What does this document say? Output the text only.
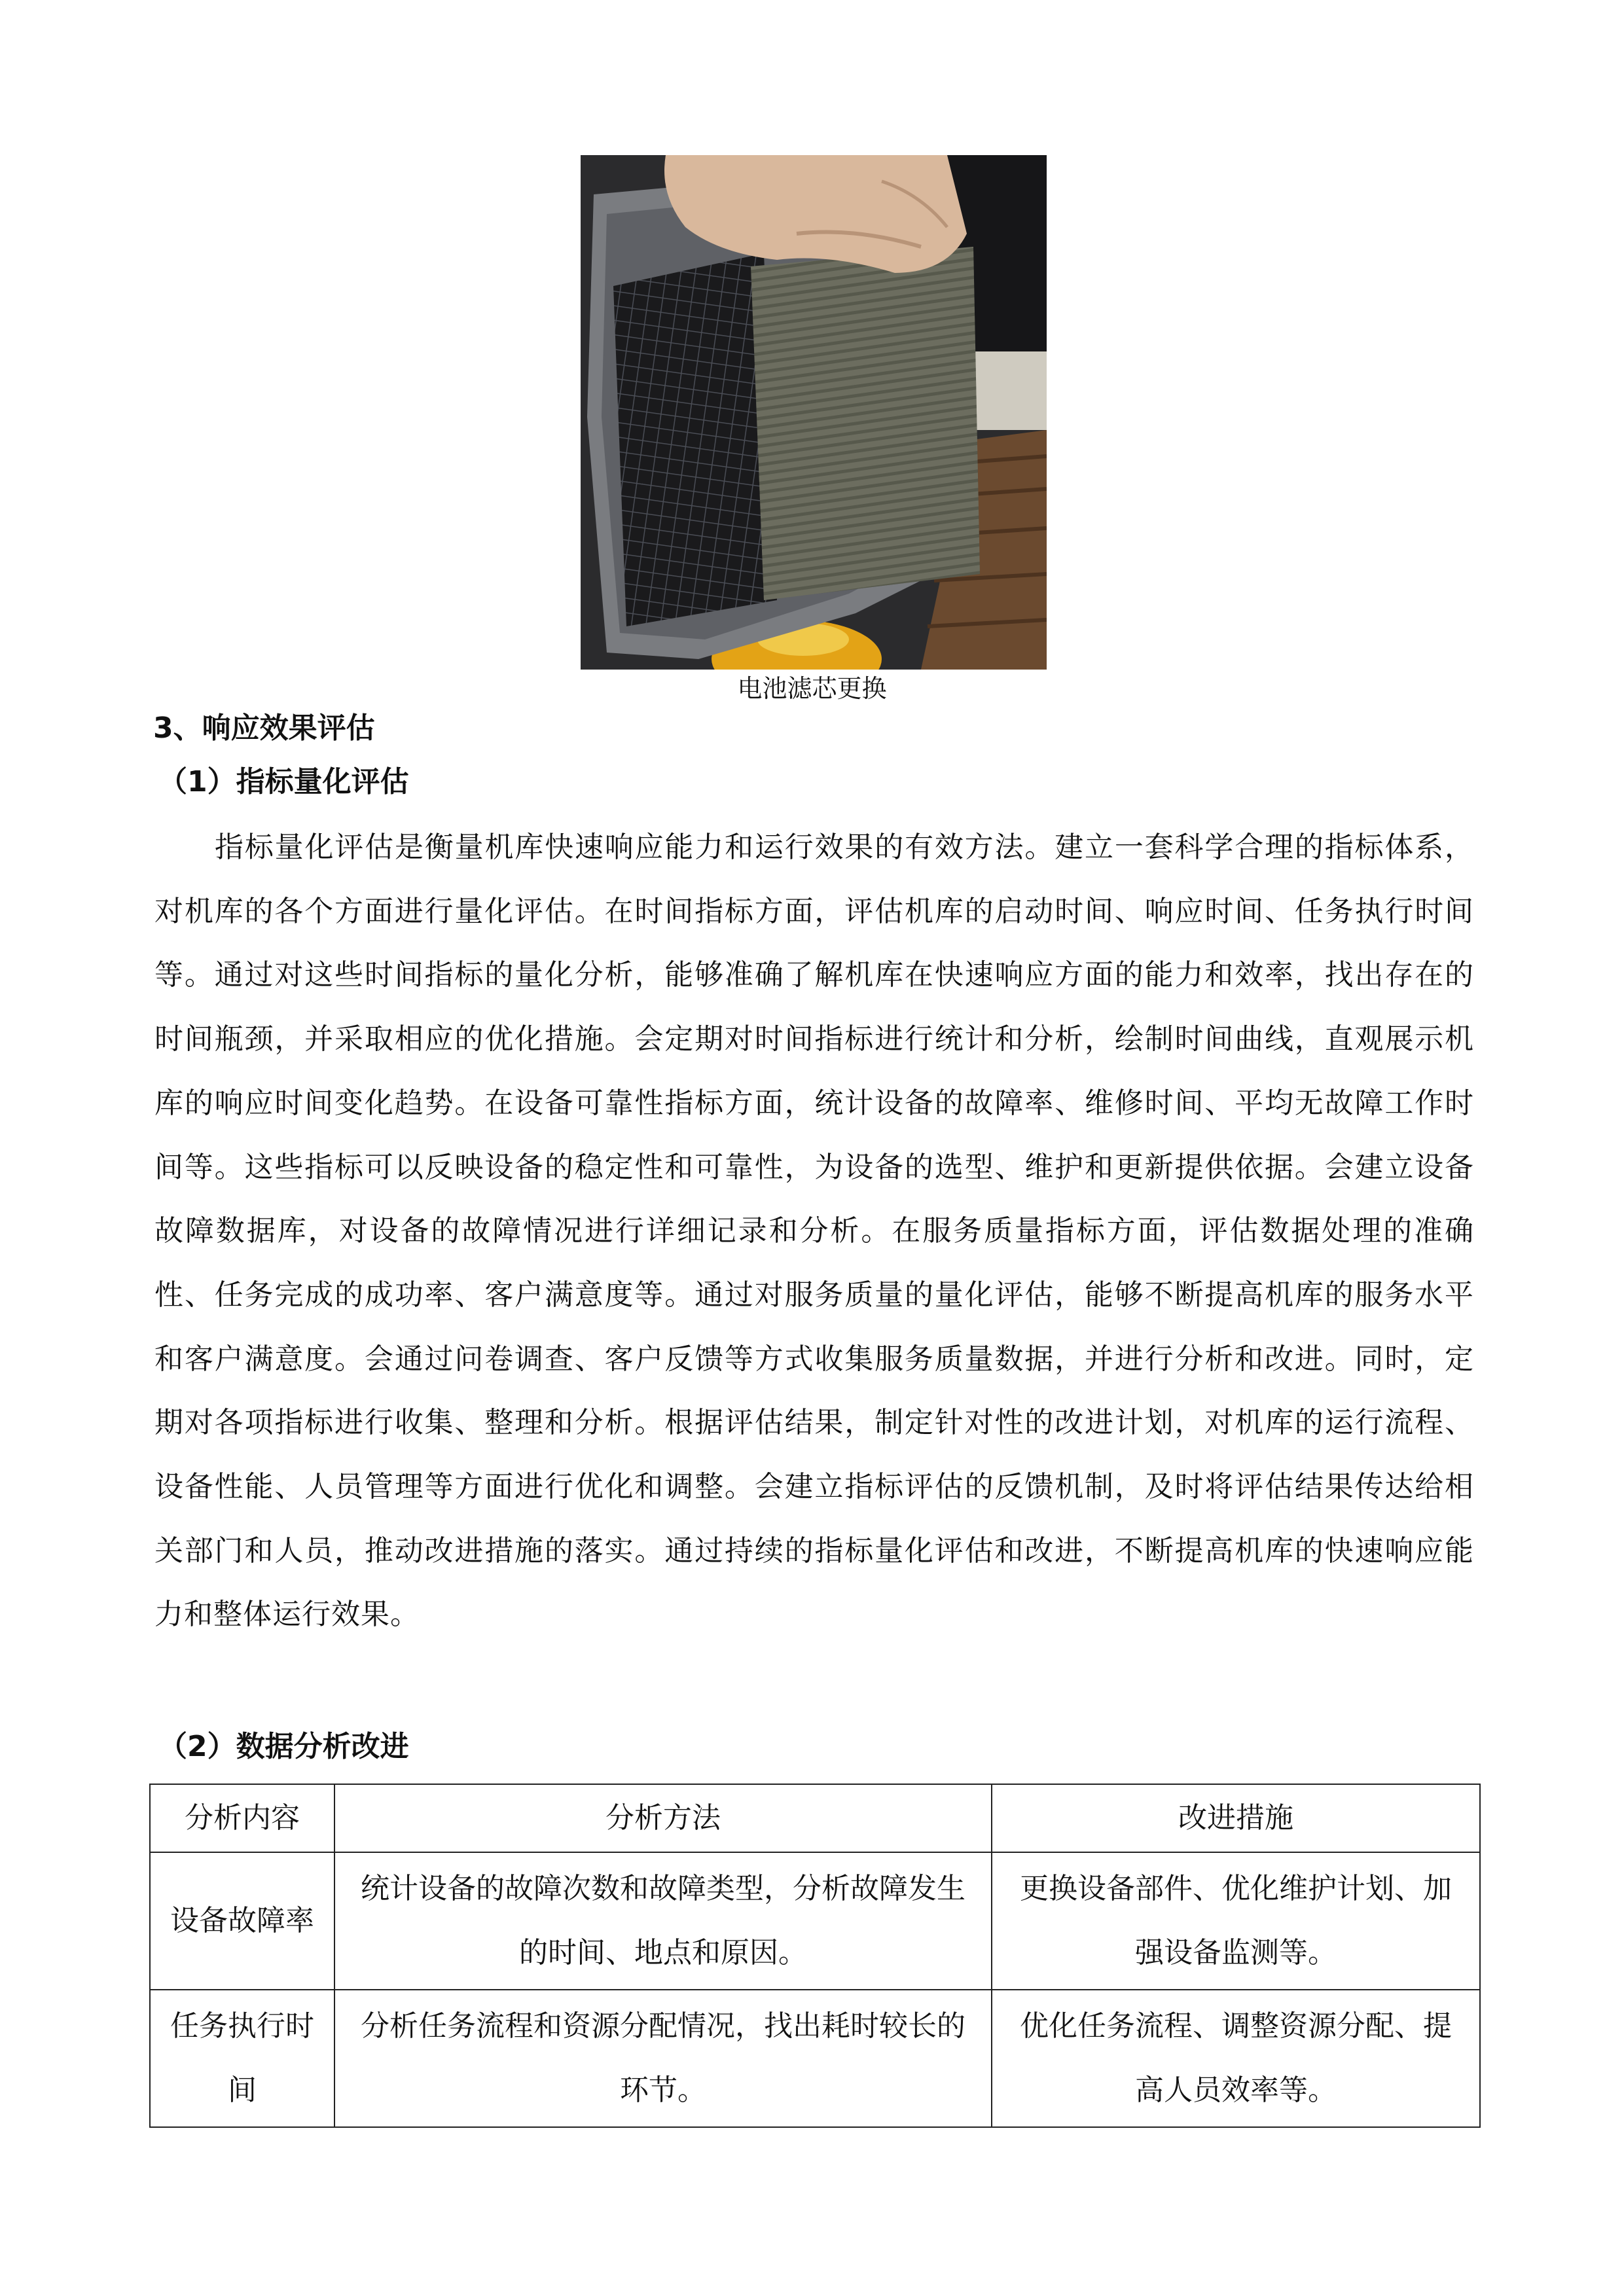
电池滤芯更换
3、响应效果评估
（1）指标量化评估
指标量化评估是衡量机库快速响应能力和运行效果的有效方法。建立一套科学合理的指标体系，对机库的各个方面进行量化评估。在时间指标方面，评估机库的启动时间、响应时间、任务执行时间等。通过对这些时间指标的量化分析，能够准确了解机库在快速响应方面的能力和效率，找出存在的时间瓶颈，并采取相应的优化措施。会定期对时间指标进行统计和分析，绘制时间曲线，直观展示机库的响应时间变化趋势。在设备可靠性指标方面，统计设备的故障率、维修时间、平均无故障工作时间等。这些指标可以反映设备的稳定性和可靠性，为设备的选型、维护和更新提供依据。会建立设备故障数据库，对设备的故障情况进行详细记录和分析。在服务质量指标方面，评估数据处理的准确性、任务完成的成功率、客户满意度等。通过对服务质量的量化评估，能够不断提高机库的服务水平和客户满意度。会通过问卷调查、客户反馈等方式收集服务质量数据，并进行分析和改进。同时，定期对各项指标进行收集、整理和分析。根据评估结果，制定针对性的改进计划，对机库的运行流程、设备性能、人员管理等方面进行优化和调整。会建立指标评估的反馈机制，及时将评估结果传达给相关部门和人员，推动改进措施的落实。通过持续的指标量化评估和改进，不断提高机库的快速响应能力和整体运行效果。
（2）数据分析改进
分析内容	分析方法	改进措施
设备故障率	统计设备的故障次数和故障类型，分析故障发生的时间、地点和原因。	更换设备部件、优化维护计划、加强设备监测等。
任务执行时间	分析任务流程和资源分配情况，找出耗时较长的环节。	优化任务流程、调整资源分配、提高人员效率等。
